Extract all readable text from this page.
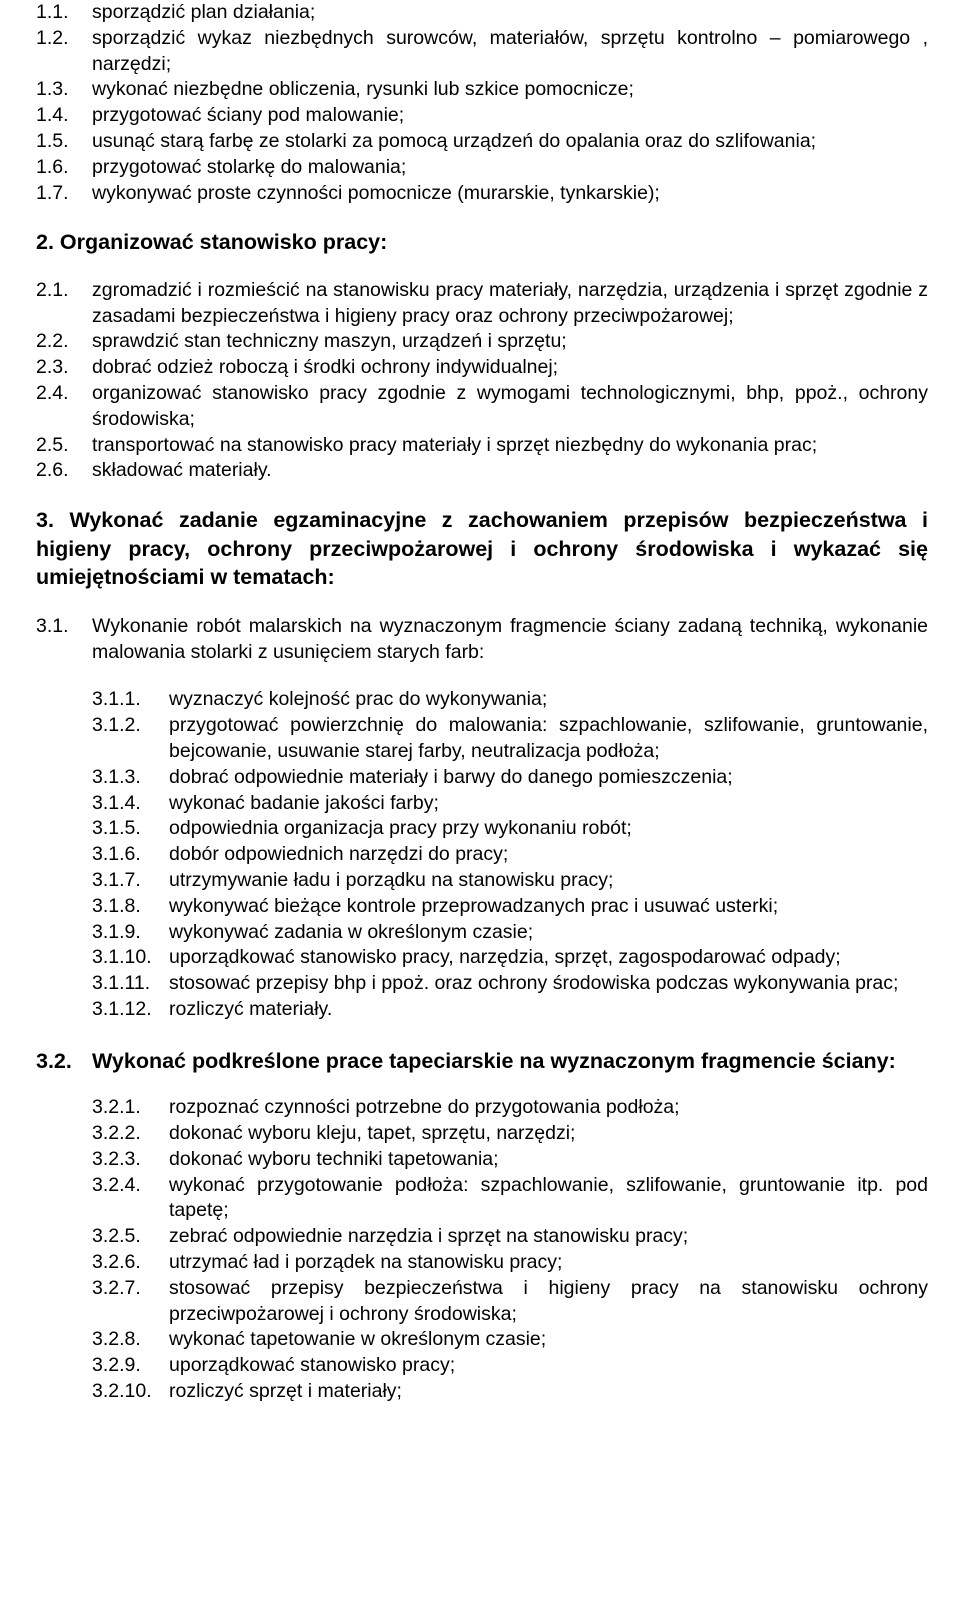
1.1.	sporządzić plan działania;
1.2.	sporządzić wykaz niezbędnych surowców, materiałów, sprzętu kontrolno – pomiarowego , narzędzi;
1.3.	wykonać niezbędne obliczenia, rysunki lub szkice pomocnicze;
1.4.	przygotować ściany pod malowanie;
1.5.	usunąć starą farbę ze stolarki za pomocą urządzeń do opalania oraz do szlifowania;
1.6.	przygotować stolarkę do malowania;
1.7.	wykonywać proste czynności pomocnicze (murarskie, tynkarskie);
2. Organizować stanowisko pracy:
2.1.	zgromadzić i rozmieścić na stanowisku pracy materiały, narzędzia, urządzenia i sprzęt zgodnie z zasadami bezpieczeństwa i higieny pracy oraz ochrony przeciwpożarowej;
2.2.	sprawdzić stan techniczny maszyn, urządzeń i sprzętu;
2.3.	dobrać odzież roboczą i środki ochrony indywidualnej;
2.4.	organizować stanowisko pracy zgodnie z wymogami technologicznymi, bhp, ppoż., ochrony środowiska;
2.5.	transportować na stanowisko pracy materiały i sprzęt niezbędny do wykonania prac;
2.6.	składować materiały.
3. Wykonać zadanie egzaminacyjne z zachowaniem przepisów bezpieczeństwa i higieny pracy, ochrony przeciwpożarowej i ochrony środowiska i wykazać się umiejętnościami w tematach:
3.1.	Wykonanie robót malarskich na wyznaczonym fragmencie ściany zadaną techniką, wykonanie malowania stolarki z usunięciem starych farb:
3.1.1.	wyznaczyć kolejność prac do wykonywania;
3.1.2.	przygotować powierzchnię do malowania: szpachlowanie, szlifowanie, gruntowanie, bejcowanie, usuwanie starej farby, neutralizacja podłoża;
3.1.3.	dobrać odpowiednie materiały i barwy do danego pomieszczenia;
3.1.4.	wykonać badanie jakości farby;
3.1.5.	odpowiednia organizacja pracy przy wykonaniu robót;
3.1.6.	dobór odpowiednich narzędzi do pracy;
3.1.7.	utrzymywanie ładu i porządku na stanowisku pracy;
3.1.8.	wykonywać bieżące kontrole przeprowadzanych prac i usuwać usterki;
3.1.9.	wykonywać zadania w określonym czasie;
3.1.10. uporządkować stanowisko pracy, narzędzia, sprzęt, zagospodarować odpady;
3.1.11. stosować przepisy bhp i ppoż. oraz ochrony środowiska podczas wykonywania prac;
3.1.12. rozliczyć materiały.
3.2. Wykonać podkreślone prace tapeciarskie na wyznaczonym fragmencie ściany:
3.2.1.	rozpoznać czynności potrzebne do przygotowania podłoża;
3.2.2.	dokonać wyboru kleju, tapet, sprzętu, narzędzi;
3.2.3.	dokonać wyboru techniki tapetowania;
3.2.4.	wykonać przygotowanie podłoża: szpachlowanie, szlifowanie, gruntowanie itp. pod tapetę;
3.2.5.	zebrać odpowiednie narzędzia i sprzęt na stanowisku pracy;
3.2.6.	utrzymać ład i porządek na stanowisku pracy;
3.2.7.	stosować przepisy bezpieczeństwa i higieny pracy na stanowisku ochrony przeciwpożarowej i ochrony środowiska;
3.2.8.	wykonać tapetowanie w określonym czasie;
3.2.9.	uporządkować stanowisko pracy;
3.2.10. rozliczyć sprzęt i materiały;
